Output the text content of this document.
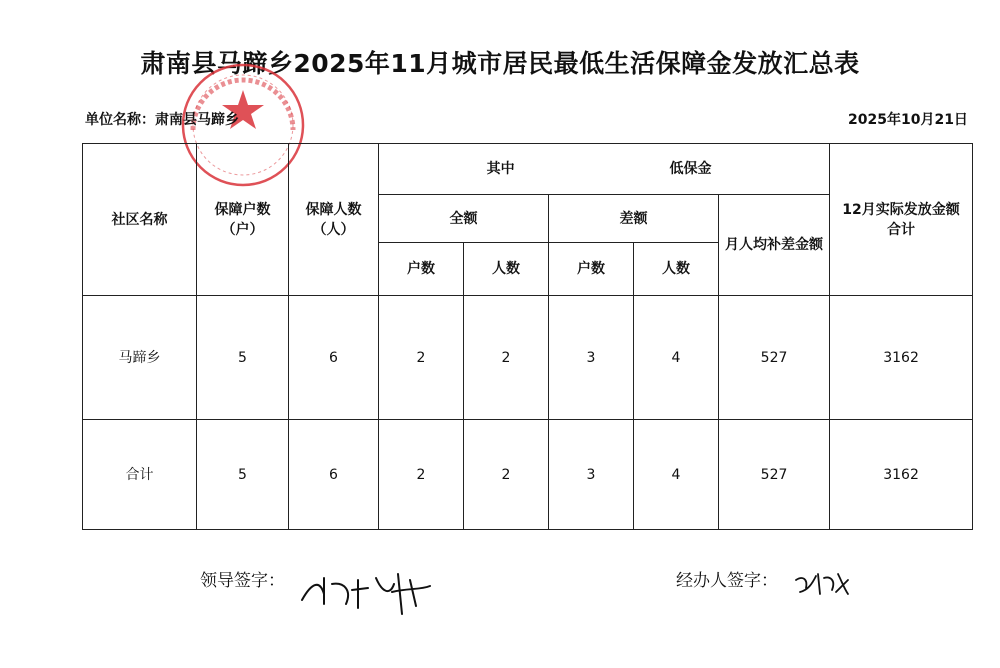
肃南县马蹄乡2025年11月城市居民最低生活保障金发放汇总表
单位名称：肃南县马蹄乡	2025年10月21日
社区名称	保障户数（户）	保障人数（人）	其中 低保金					12月实际发放金额 合计
			全额		差额		月人均补差金额	
			户数	人数	户数	人数		
马蹄乡	5	6	2	2	3	4	527	3162
合计	5	6	2	2	3	4	527	3162
领导签字：	经办人签字：
